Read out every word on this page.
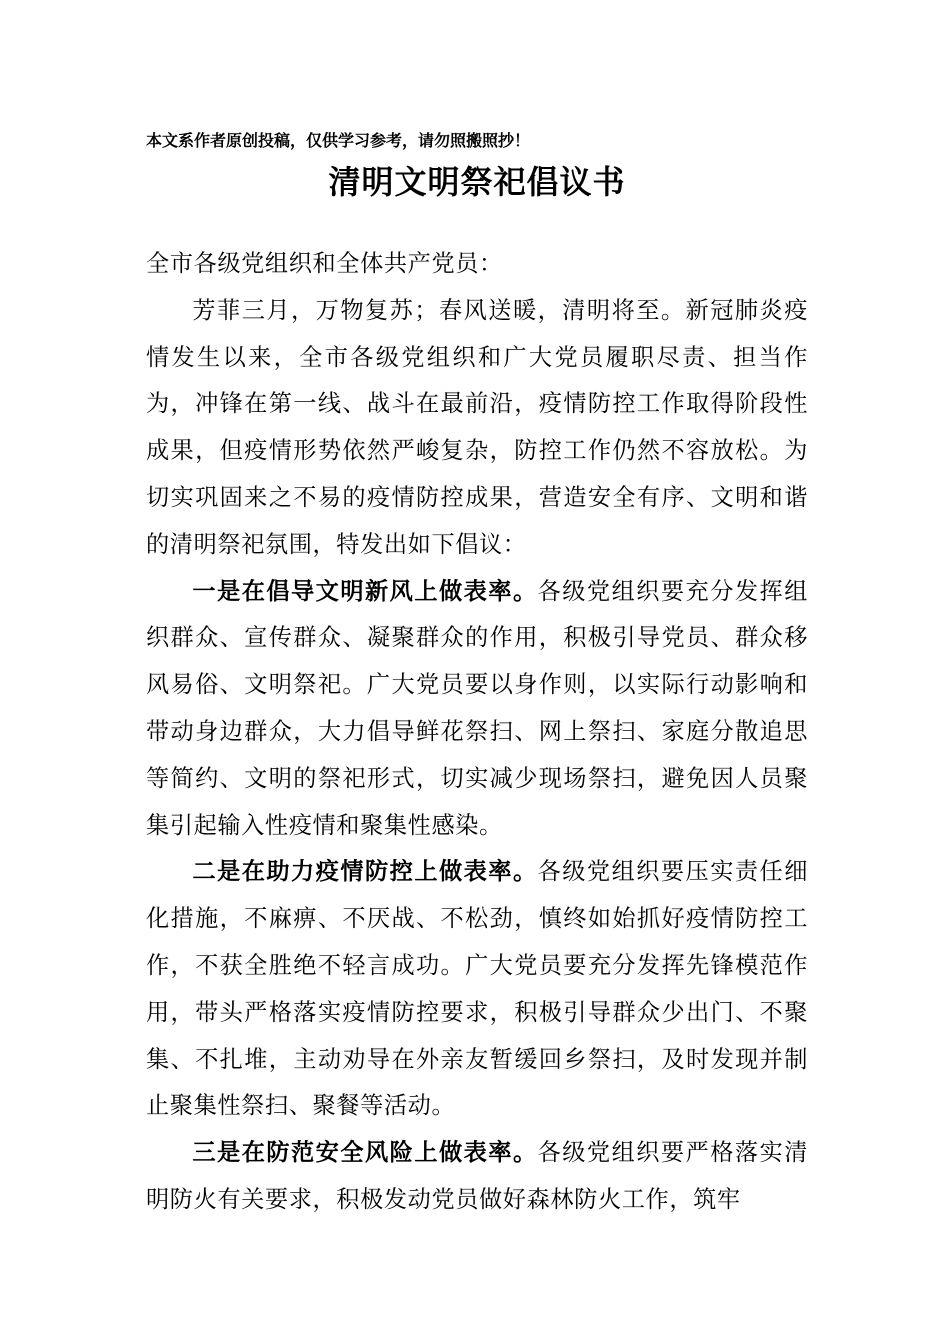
本文系作者原创投稿，仅供学习参考，请勿照搬照抄！

清明文明祭祀倡议书

全市各级党组织和全体共产党员：

芳菲三月，万物复苏；春风送暖，清明将至。新冠肺炎疫情发生以来，全市各级党组织和广大党员履职尽责、担当作为，冲锋在第一线、战斗在最前沿，疫情防控工作取得阶段性成果，但疫情形势依然严峻复杂，防控工作仍然不容放松。为切实巩固来之不易的疫情防控成果，营造安全有序、文明和谐的清明祭祀氛围，特发出如下倡议：

一是在倡导文明新风上做表率。各级党组织要充分发挥组织群众、宣传群众、凝聚群众的作用，积极引导党员、群众移风易俗、文明祭祀。广大党员要以身作则，以实际行动影响和带动身边群众，大力倡导鲜花祭扫、网上祭扫、家庭分散追思等简约、文明的祭祀形式，切实减少现场祭扫，避免因人员聚集引起输入性疫情和聚集性感染。

二是在助力疫情防控上做表率。各级党组织要压实责任细化措施，不麻痹、不厌战、不松劲，慎终如始抓好疫情防控工作，不获全胜绝不轻言成功。广大党员要充分发挥先锋模范作用，带头严格落实疫情防控要求，积极引导群众少出门、不聚集、不扎堆，主动劝导在外亲友暂缓回乡祭扫，及时发现并制止聚集性祭扫、聚餐等活动。

三是在防范安全风险上做表率。各级党组织要严格落实清明防火有关要求，积极发动党员做好森林防火工作，筑牢
